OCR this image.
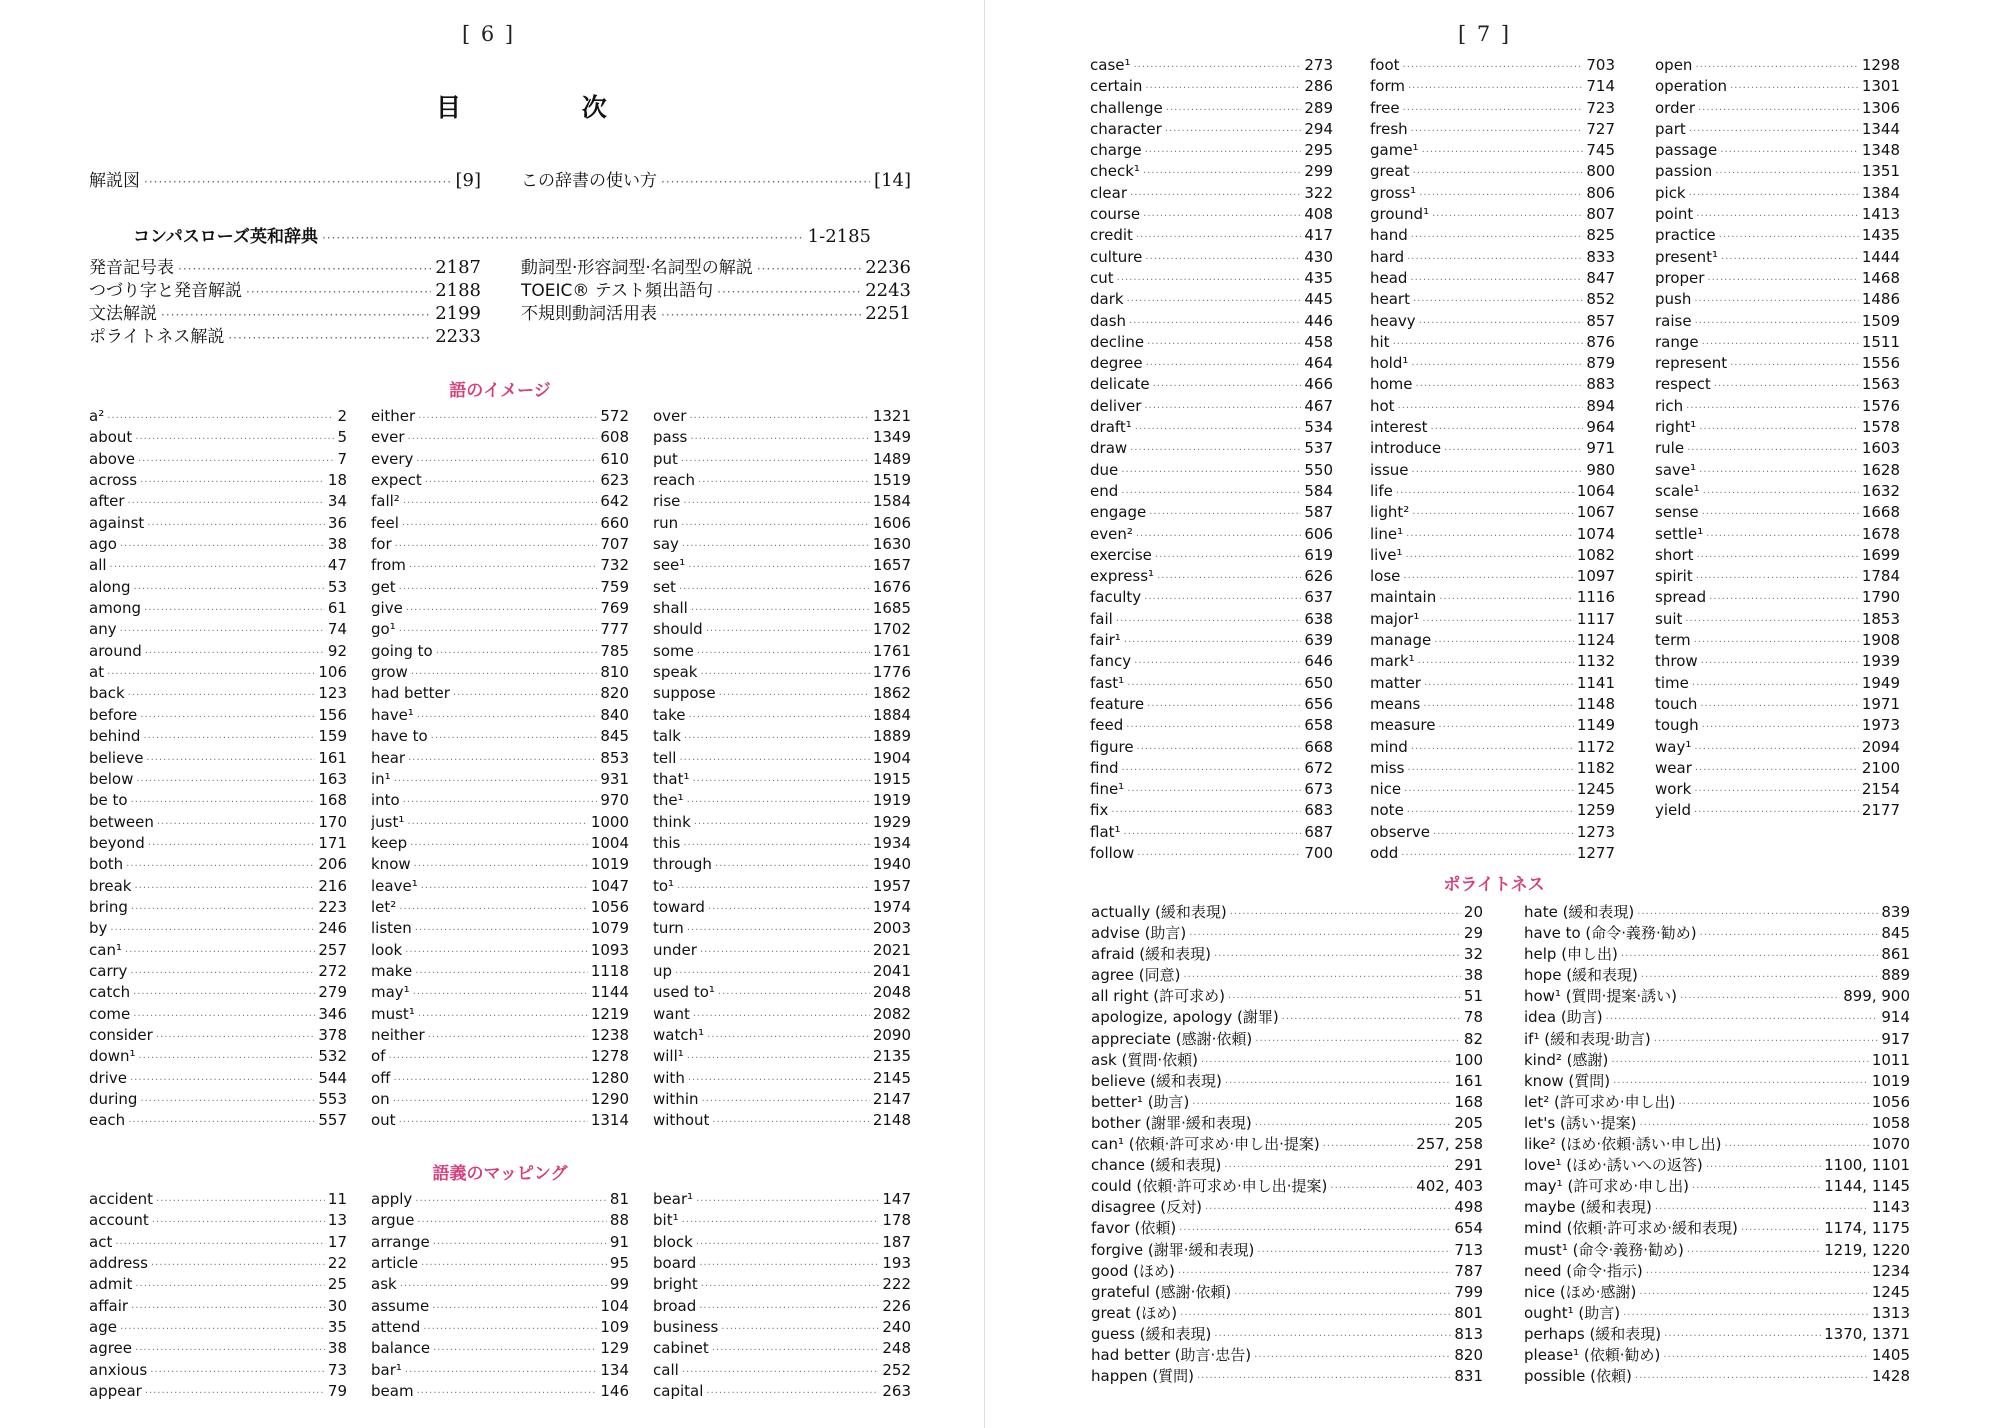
[ 6 ]
目 次
解説図 ·····	[9] この辞書の使い方 ·····	[14]
コンパスローズ英和辞典 ·····	1-2185
発音記号表 ·····	2187
つづり字と発音解説 ·····	2188
文法解説 ·····	2199
ポライトネス解説 ·····	2233
動詞型·形容詞型·名詞型の解説 ·····	2236
TOEIC® テスト頻出語句 ·····	2243
不規則動詞活用表 ·····	2251
語のイメージ
a² ·····	2
about ·····	5
above ·····	7
across ·····	18
after ·····	34
against ·····	36
ago ·····	38
all ·····	47
along ·····	53
among ·····	61
any ·····	74
around ·····	92
at ·····	106
back ·····	123
before ·····	156
behind ·····	159
believe ·····	161
below ·····	163
be to ·····	168
between ·····	170
beyond ·····	171
both ·····	206
break ·····	216
bring ·····	223
by ·····	246
can¹ ·····	257
carry ·····	272
catch ·····	279
come ·····	346
consider ·····	378
down¹ ·····	532
drive ·····	544
during ·····	553
each ·····	557
either ·····	572
ever ·····	608
every ·····	610
expect ·····	623
fall² ·····	642
feel ·····	660
for ·····	707
from ·····	732
get ·····	759
give ·····	769
go¹ ·····	777
going to ·····	785
grow ·····	810
had better ·····	820
have¹ ·····	840
have to ·····	845
hear ·····	853
in¹ ·····	931
into ·····	970
just¹ ·····	1000
keep ·····	1004
know ·····	1019
leave¹ ·····	1047
let² ·····	1056
listen ·····	1079
look ·····	1093
make ·····	1118
may¹ ·····	1144
must¹ ·····	1219
neither ·····	1238
of ·····	1278
off ·····	1280
on ·····	1290
out ·····	1314
over ·····	1321
pass ·····	1349
put ·····	1489
reach ·····	1519
rise ·····	1584
run ·····	1606
say ·····	1630
see¹ ·····	1657
set ·····	1676
shall ·····	1685
should ·····	1702
some ·····	1761
speak ·····	1776
suppose ·····	1862
take ·····	1884
talk ·····	1889
tell ·····	1904
that¹ ·····	1915
the¹ ·····	1919
think ·····	1929
this ·····	1934
through ·····	1940
to¹ ·····	1957
toward ·····	1974
turn ·····	2003
under ·····	2021
up ·····	2041
used to¹ ·····	2048
want ·····	2082
watch¹ ·····	2090
will¹ ·····	2135
with ·····	2145
within ·····	2147
without ·····	2148
語義のマッピング
accident ·····	11
account ·····	13
act ·····	17
address ·····	22
admit ·····	25
affair ·····	30
age ·····	35
agree ·····	38
anxious ·····	73
appear ·····	79
apply ·····	81
argue ·····	88
arrange ·····	91
article ·····	95
ask ·····	99
assume ·····	104
attend ·····	109
balance ·····	129
bar¹ ·····	134
beam ·····	146
bear¹ ·····	147
bit¹ ·····	178
block ·····	187
board ·····	193
bright ·····	222
broad ·····	226
business ·····	240
cabinet ·····	248
call ·····	252
capital ·····	263
[ 7 ]
case¹ ·····	273
certain ·····	286
challenge ·····	289
character ·····	294
charge ·····	295
check¹ ·····	299
clear ·····	322
course ·····	408
credit ·····	417
culture ·····	430
cut ·····	435
dark ·····	445
dash ·····	446
decline ·····	458
degree ·····	464
delicate ·····	466
deliver ·····	467
draft¹ ·····	534
draw ·····	537
due ·····	550
end ·····	584
engage ·····	587
even² ·····	606
exercise ·····	619
express¹ ·····	626
faculty ·····	637
fail ·····	638
fair¹ ·····	639
fancy ·····	646
fast¹ ·····	650
feature ·····	656
feed ·····	658
figure ·····	668
find ·····	672
fine¹ ·····	673
fix ·····	683
flat¹ ·····	687
follow ·····	700
foot ·····	703
form ·····	714
free ·····	723
fresh ·····	727
game¹ ·····	745
great ·····	800
gross¹ ·····	806
ground¹ ·····	807
hand ·····	825
hard ·····	833
head ·····	847
heart ·····	852
heavy ·····	857
hit ·····	876
hold¹ ·····	879
home ·····	883
hot ·····	894
interest ·····	964
introduce ·····	971
issue ·····	980
life ·····	1064
light² ·····	1067
line¹ ·····	1074
live¹ ·····	1082
lose ·····	1097
maintain ·····	1116
major¹ ·····	1117
manage ·····	1124
mark¹ ·····	1132
matter ·····	1141
means ·····	1148
measure ·····	1149
mind ·····	1172
miss ·····	1182
nice ·····	1245
note ·····	1259
observe ·····	1273
odd ·····	1277
open ·····	1298
operation ·····	1301
order ·····	1306
part ·····	1344
passage ·····	1348
passion ·····	1351
pick ·····	1384
point ·····	1413
practice ·····	1435
present¹ ·····	1444
proper ·····	1468
push ·····	1486
raise ·····	1509
range ·····	1511
represent ·····	1556
respect ·····	1563
rich ·····	1576
right¹ ·····	1578
rule ·····	1603
save¹ ·····	1628
scale¹ ·····	1632
sense ·····	1668
settle¹ ·····	1678
short ·····	1699
spirit ·····	1784
spread ·····	1790
suit ·····	1853
term ·····	1908
throw ·····	1939
time ·····	1949
touch ·····	1971
tough ·····	1973
way¹ ·····	2094
wear ·····	2100
work ·····	2154
yield ·····	2177
ポライトネス
actually (緩和表現) ·····	20
advise (助言) ·····	29
afraid (緩和表現) ·····	32
agree (同意) ·····	38
all right (許可求め) ·····	51
apologize, apology (謝罪) ·····	78
appreciate (感謝·依頼) ·····	82
ask (質問·依頼) ·····	100
believe (緩和表現) ·····	161
better¹ (助言) ·····	168
bother (謝罪·緩和表現) ·····	205
can¹ (依頼·許可求め·申し出·提案) ·····	257, 258
chance (緩和表現) ·····	291
could (依頼·許可求め·申し出·提案) ·····	402, 403
disagree (反対) ·····	498
favor (依頼) ·····	654
forgive (謝罪·緩和表現) ·····	713
good (ほめ) ·····	787
grateful (感謝·依頼) ·····	799
great (ほめ) ·····	801
guess (緩和表現) ·····	813
had better (助言·忠告) ·····	820
happen (質問) ·····	831
hate (緩和表現) ·····	839
have to (命令·義務·勧め) ·····	845
help (申し出) ·····	861
hope (緩和表現) ·····	889
how¹ (質問·提案·誘い) ·····	899, 900
idea (助言) ·····	914
if¹ (緩和表現·助言) ·····	917
kind² (感謝) ·····	1011
know (質問) ·····	1019
let² (許可求め·申し出) ·····	1056
let's (誘い·提案) ·····	1058
like² (ほめ·依頼·誘い·申し出) ·····	1070
love¹ (ほめ·誘いへの返答) ·····	1100, 1101
may¹ (許可求め·申し出) ·····	1144, 1145
maybe (緩和表現) ·····	1143
mind (依頼·許可求め·緩和表現) ·····	1174, 1175
must¹ (命令·義務·勧め) ·····	1219, 1220
need (命令·指示) ·····	1234
nice (ほめ·感謝) ·····	1245
ought¹ (助言) ·····	1313
perhaps (緩和表現) ·····	1370, 1371
please¹ (依頼·勧め) ·····	1405
possible (依頼) ·····	1428
